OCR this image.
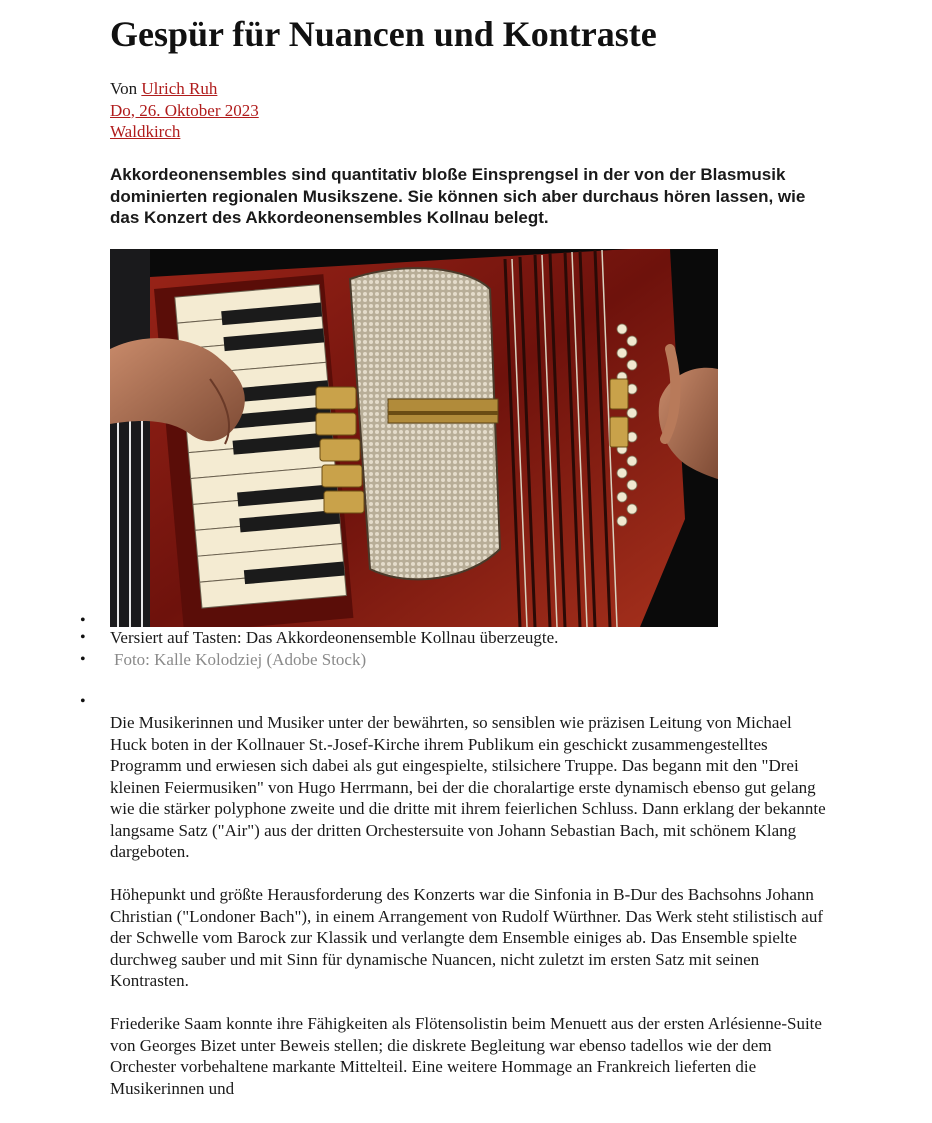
Gespür für Nuancen und Kontraste
Von Ulrich Ruh
Do, 26. Oktober 2023
Waldkirch

Akkordeonensembles sind quantitativ bloße Einsprengsel in der von der Blasmusik dominierten regionalen Musikszene. Sie können sich aber durchaus hören lassen, wie das Konzert des Akkordeonensembles Kollnau belegt.

•
•
•
•
Versiert auf Tasten: Das Akkordeonensemble Kollnau überzeugte.
Foto: Kalle Kolodziej (Adobe Stock)

Die Musikerinnen und Musiker unter der bewährten, so sensiblen wie präzisen Leitung von Michael Huck boten in der Kollnauer St.-Josef-Kirche ihrem Publikum ein geschickt zusammengestelltes Programm und erwiesen sich dabei als gut eingespielte, stilsichere Truppe. Das begann mit den "Drei kleinen Feiermusiken" von Hugo Herrmann, bei der die choralartige erste dynamisch ebenso gut gelang wie die stärker polyphone zweite und die dritte mit ihrem feierlichen Schluss. Dann erklang der bekannte langsame Satz ("Air") aus der dritten Orchestersuite von Johann Sebastian Bach, mit schönem Klang dargeboten.

Höhepunkt und größte Herausforderung des Konzerts war die Sinfonia in B-Dur des Bachsohns Johann Christian ("Londoner Bach"), in einem Arrangement von Rudolf Würthner. Das Werk steht stilistisch auf der Schwelle vom Barock zur Klassik und verlangte dem Ensemble einiges ab. Das Ensemble spielte durchweg sauber und mit Sinn für dynamische Nuancen, nicht zuletzt im ersten Satz mit seinen Kontrasten.

Friederike Saam konnte ihre Fähigkeiten als Flötensolistin beim Menuett aus der ersten Arlésienne-Suite von Georges Bizet unter Beweis stellen; die diskrete Begleitung war ebenso tadellos wie der dem Orchester vorbehaltene markante Mittelteil. Eine weitere Hommage an Frankreich lieferten die Musikerinnen und
